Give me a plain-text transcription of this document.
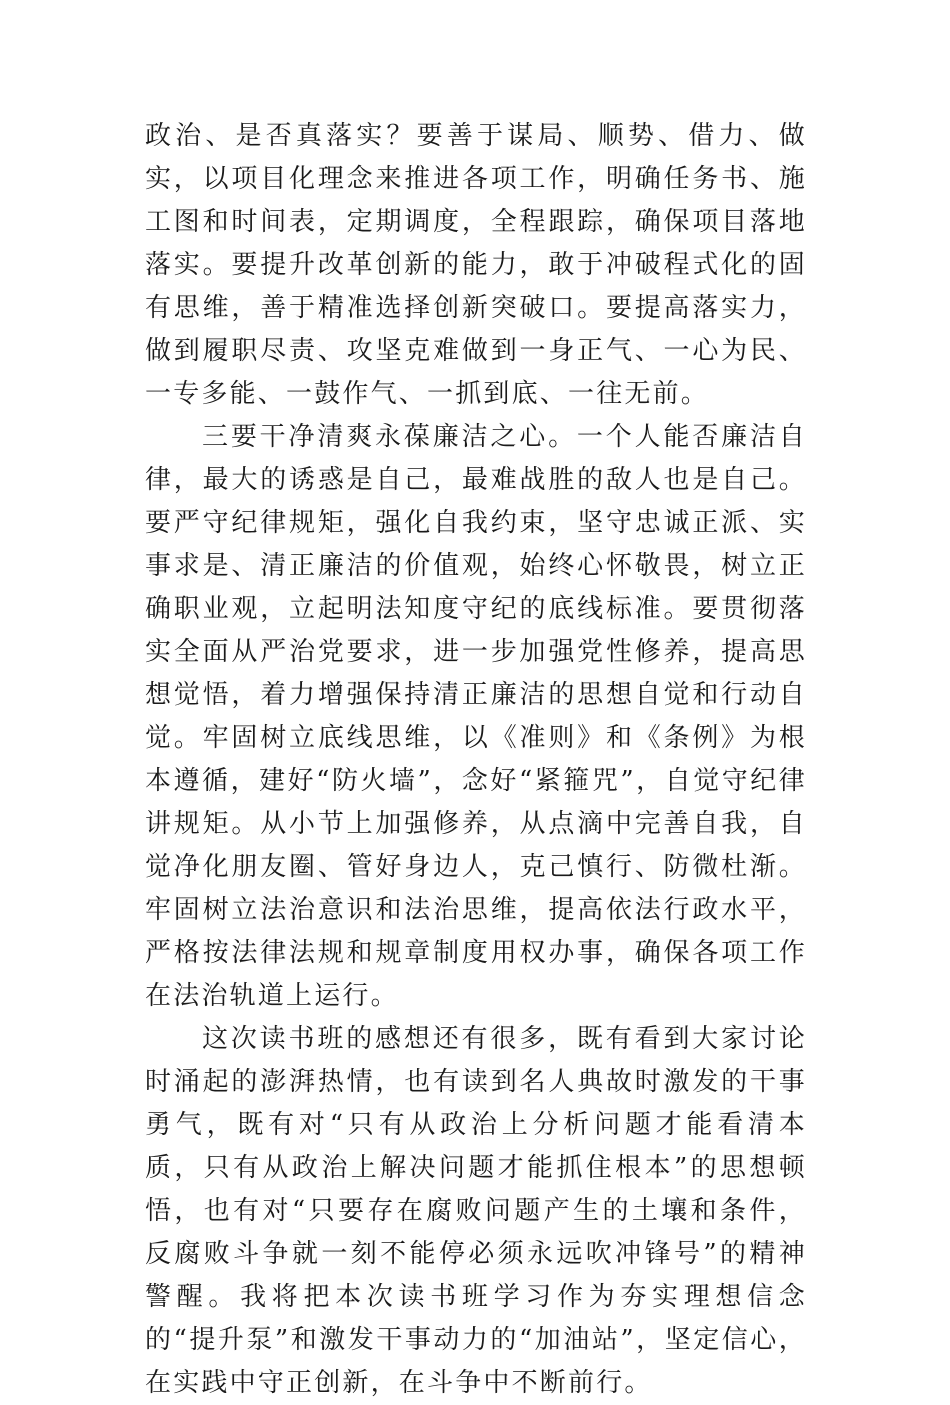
政治、是否真落实？要善于谋局、顺势、借力、做实，以项目化理念来推进各项工作，明确任务书、施工图和时间表，定期调度，全程跟踪，确保项目落地落实。要提升改革创新的能力，敢于冲破程式化的固有思维，善于精准选择创新突破口。要提高落实力，做到履职尽责、攻坚克难做到一身正气、一心为民、一专多能、一鼓作气、一抓到底、一往无前。

三要干净清爽永葆廉洁之心。一个人能否廉洁自律，最大的诱惑是自己，最难战胜的敌人也是自己。要严守纪律规矩，强化自我约束，坚守忠诚正派、实事求是、清正廉洁的价值观，始终心怀敬畏，树立正确职业观，立起明法知度守纪的底线标准。要贯彻落实全面从严治党要求，进一步加强党性修养，提高思想觉悟，着力增强保持清正廉洁的思想自觉和行动自觉。牢固树立底线思维，以《准则》和《条例》为根本遵循，建好“防火墙”，念好“紧箍咒”，自觉守纪律讲规矩。从小节上加强修养，从点滴中完善自我，自觉净化朋友圈、管好身边人，克己慎行、防微杜渐。牢固树立法治意识和法治思维，提高依法行政水平，严格按法律法规和规章制度用权办事，确保各项工作在法治轨道上运行。

这次读书班的感想还有很多，既有看到大家讨论时涌起的澎湃热情，也有读到名人典故时激发的干事勇气，既有对“只有从政治上分析问题才能看清本质，只有从政治上解决问题才能抓住根本”的思想顿悟，也有对“只要存在腐败问题产生的土壤和条件，反腐败斗争就一刻不能停必须永远吹冲锋号”的精神警醒。我将把本次读书班学习作为夯实理想信念的“提升泵”和激发干事动力的“加油站”，坚定信心，在实践中守正创新，在斗争中不断前行。
